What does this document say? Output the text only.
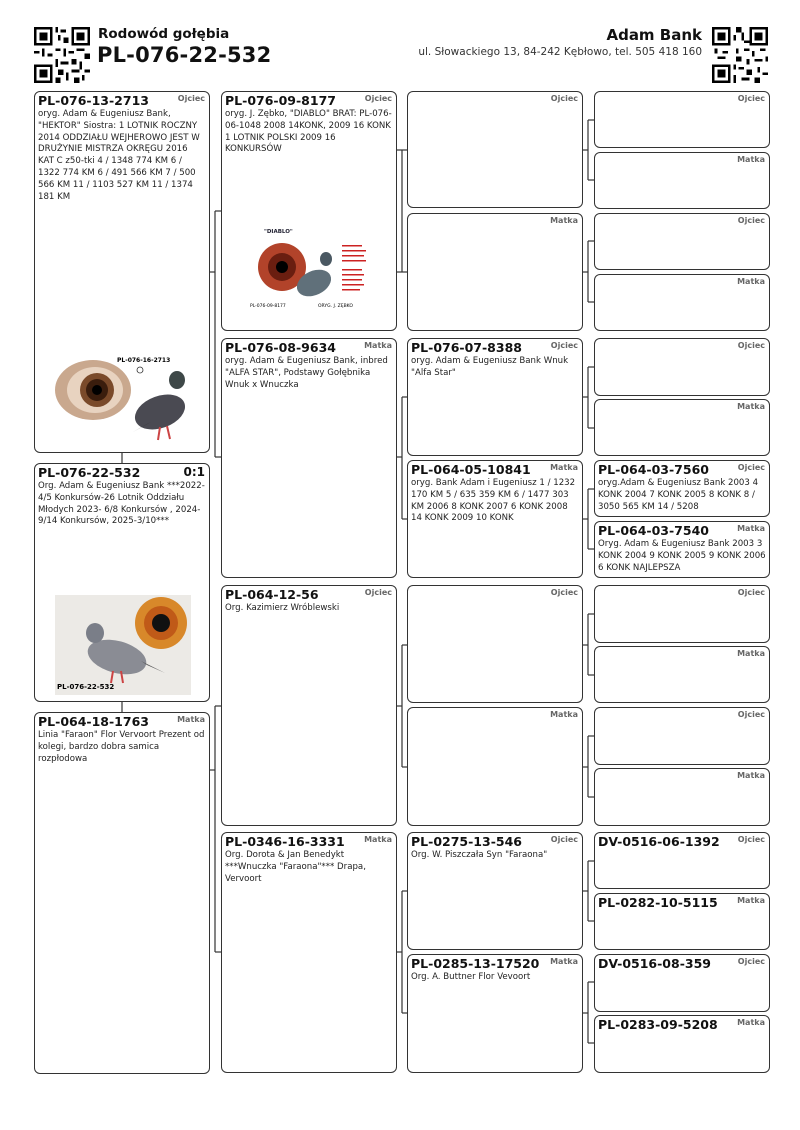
Rodowód gołębia
PL-076-22-532
Adam Bank
ul. Słowackiego 13, 84-242 Kębłowo, tel. 505 418 160
PL-076-13-2713	Ojciec
oryg. Adam & Eugeniusz Bank, "HEKTOR" Siostra: 1 LOTNIK ROCZNY 2014 ODDZIAŁU WEJHEROWO JEST W DRUŻYNIE MISTRZA OKRĘGU 2016 KAT C z50-tki 4 / 1348 774 KM 6 / 1322 774 KM 6 / 491 566 KM 7 / 500 566 KM 11 / 1103 527 KM 11 / 1374 181 KM
PL-076-16-2713
PL-076-22-532	0:1
Org. Adam & Eugeniusz Bank ***2022- 4/5 Konkursów-26 Lotnik Oddziału Młodych 2023- 6/8 Konkursów , 2024-9/14 Konkursów, 2025-3/10***
PL-076-22-532
PL-064-18-1763	Matka
Linia "Faraon" Flor Vervoort Prezent od kolegi, bardzo dobra samica rozpłodowa
PL-076-09-8177	Ojciec
oryg. J. Zębko, "DIABLO" BRAT: PL-076-06-1048 2008 14KONK, 2009 16 KONK 1 LOTNIK POLSKI 2009 16 KONKURSÓW
"DIABLO"
PL-076-09-8177	ORYG. J. ZĘBKO
PL-076-08-9634	Matka
oryg. Adam & Eugeniusz Bank, inbred "ALFA STAR", Podstawy Gołębnika Wnuk x Wnuczka
PL-064-12-56	Ojciec
Org. Kazimierz Wróblewski
PL-0346-16-3331 Matka
Org. Dorota & Jan Benedykt ***Wnuczka "Faraona"*** Drapa, Vervoort
Ojciec
Matka
PL-076-07-8388	Ojciec
oryg. Adam & Eugeniusz Bank Wnuk "Alfa Star"
PL-064-05-10841 Matka
oryg. Bank Adam i Eugeniusz 1 / 1232 170 KM 5 / 635 359 KM 6 / 1477 303 KM 2006 8 KONK 2007 6 KONK 2008 14 KONK 2009 10 KONK
Ojciec
Matka
PL-0275-13-546	Ojciec
Org. W. Piszczała Syn "Faraona"
PL-0285-13-17520 Matka
Org. A. Buttner Flor Vevoort
Ojciec
Matka
Ojciec
Matka
Ojciec
Matka
PL-064-03-7560	Ojciec
oryg.Adam & Eugeniusz Bank 2003 4 KONK 2004 7 KONK 2005 8 KONK 8 / 3050 565 KM 14 / 5208
PL-064-03-7540	Matka
Oryg. Adam & Eugeniusz Bank 2003 3 KONK 2004 9 KONK 2005 9 KONK 2006 6 KONK NAJLEPSZA
Ojciec
Matka
Ojciec
Matka
DV-0516-06-1392 Ojciec
PL-0282-10-5115 Matka
DV-0516-08-359	Ojciec
PL-0283-09-5208 Matka
